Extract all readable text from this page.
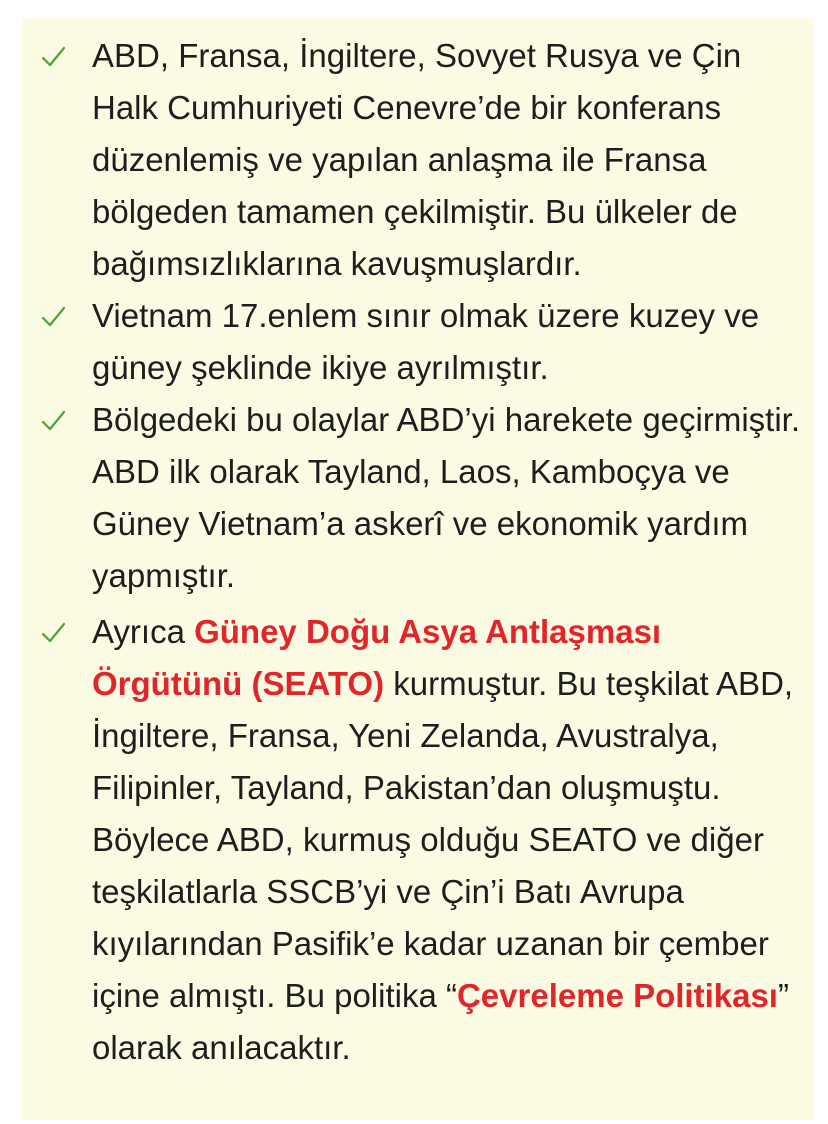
ABD, Fransa, İngiltere, Sovyet Rusya ve Çin Halk Cumhuriyeti Cenevre’de bir konferans düzenlemiş ve yapılan anlaşma ile Fransa bölgeden tamamen çekilmiştir. Bu ülkeler de bağımsızlıklarına kavuşmuşlardır.
Vietnam 17.enlem sınır olmak üzere kuzey ve güney şeklinde ikiye ayrılmıştır.
Bölgedeki bu olaylar ABD’yi harekete geçirmiştir. ABD ilk olarak Tayland, Laos, Kamboçya ve Güney Vietnam’a askerî ve ekonomik yardım yapmıştır.
Ayrıca Güney Doğu Asya Antlaşması Örgütünü (SEATO) kurmuştur. Bu teşkilat ABD, İngiltere, Fransa, Yeni Zelanda, Avustralya, Filipinler, Tayland, Pakistan’dan oluşmuştu. Böylece ABD, kurmuş olduğu SEATO ve diğer teşkilatlarla SSCB’yi ve Çin’i Batı Avrupa kıyılarından Pasifik’e kadar uzanan bir çember içine almıştı. Bu politika “Çevreleme Politikası” olarak anılacaktır.
